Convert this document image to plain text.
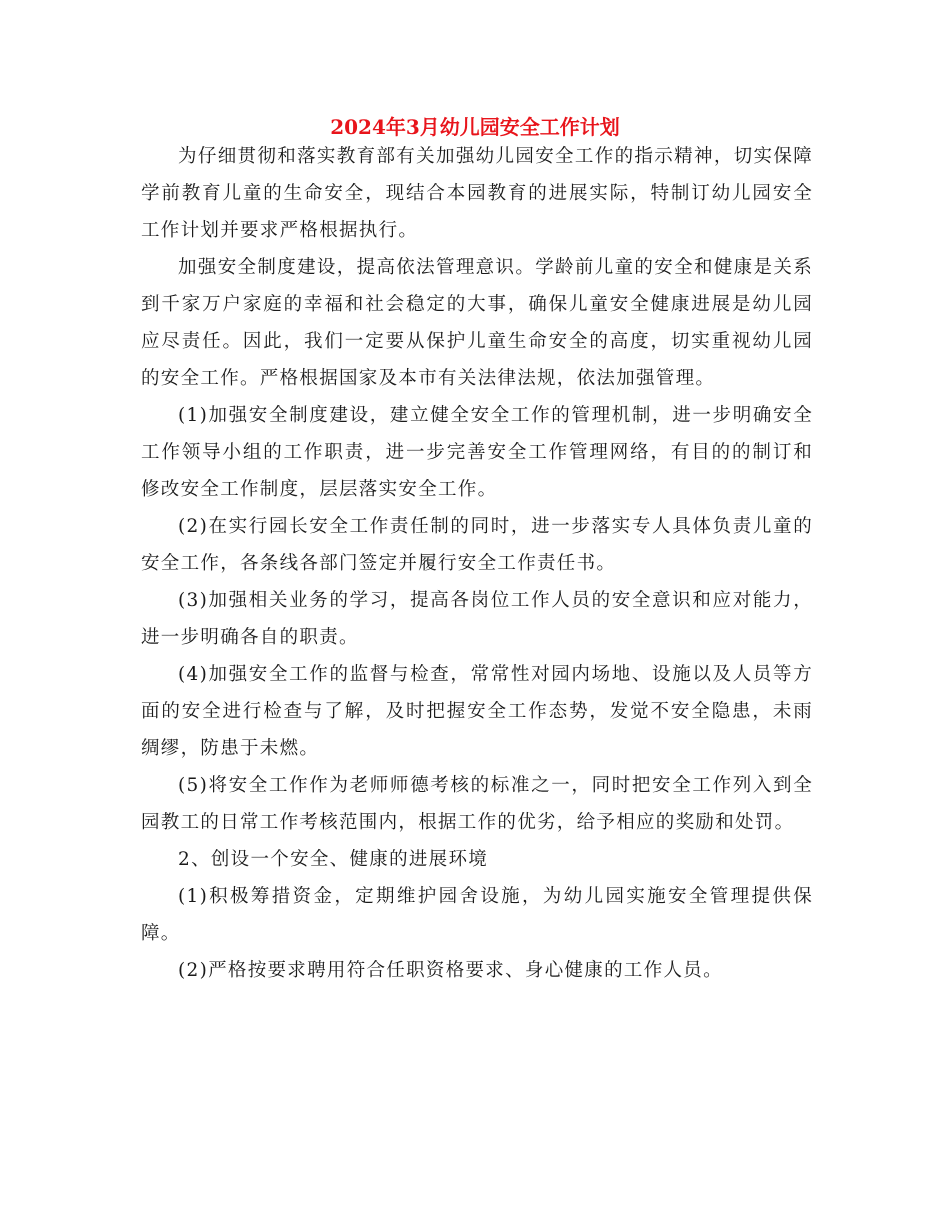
2024年3月幼儿园安全工作计划

为仔细贯彻和落实教育部有关加强幼儿园安全工作的指示精神，切实保障学前教育儿童的生命安全，现结合本园教育的进展实际，特制订幼儿园安全工作计划并要求严格根据执行。

加强安全制度建设，提高依法管理意识。学龄前儿童的安全和健康是关系到千家万户家庭的幸福和社会稳定的大事，确保儿童安全健康进展是幼儿园应尽责任。因此，我们一定要从保护儿童生命安全的高度，切实重视幼儿园的安全工作。严格根据国家及本市有关法律法规，依法加强管理。

(1)加强安全制度建设，建立健全安全工作的管理机制，进一步明确安全工作领导小组的工作职责，进一步完善安全工作管理网络，有目的的制订和修改安全工作制度，层层落实安全工作。

(2)在实行园长安全工作责任制的同时，进一步落实专人具体负责儿童的安全工作，各条线各部门签定并履行安全工作责任书。

(3)加强相关业务的学习，提高各岗位工作人员的安全意识和应对能力，进一步明确各自的职责。

(4)加强安全工作的监督与检查，常常性对园内场地、设施以及人员等方面的安全进行检查与了解，及时把握安全工作态势，发觉不安全隐患，未雨绸缪，防患于未燃。

(5)将安全工作作为老师师德考核的标准之一，同时把安全工作列入到全园教工的日常工作考核范围内，根据工作的优劣，给予相应的奖励和处罚。

2、创设一个安全、健康的进展环境

(1)积极筹措资金，定期维护园舍设施，为幼儿园实施安全管理提供保障。

(2)严格按要求聘用符合任职资格要求、身心健康的工作人员。
